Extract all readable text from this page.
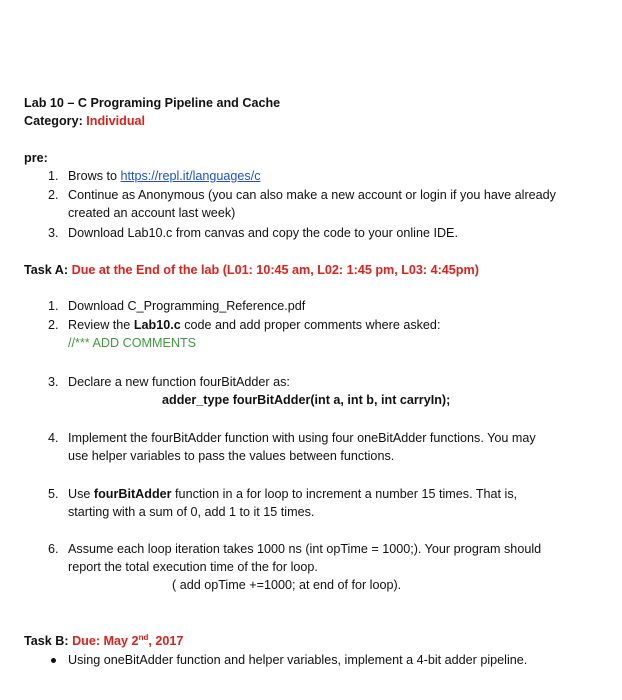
Lab 10 – C Programing Pipeline and Cache
Category: Individual
pre:
1. Brows to https://repl.it/languages/c
2. Continue as Anonymous (you can also make a new account or login if you have already
created an account last week)
3. Download Lab10.c from canvas and copy the code to your online IDE.
Task A: Due at the End of the lab (L01: 10:45 am, L02: 1:45 pm, L03: 4:45pm)
1. Download C_Programming_Reference.pdf
2. Review the Lab10.c code and add proper comments where asked:
//*** ADD COMMENTS
3. Declare a new function fourBitAdder as:
adder_type fourBitAdder(int a, int b, int carryIn);
4. Implement the fourBitAdder function with using four oneBitAdder functions. You may
use helper variables to pass the values between functions.
5. Use fourBitAdder function in a for loop to increment a number 15 times. That is,
starting with a sum of 0, add 1 to it 15 times.
6. Assume each loop iteration takes 1000 ns (int opTime = 1000;). Your program should
report the total execution time of the for loop.
( add opTime +=1000; at end of for loop).
Task B: Due: May 2nd, 2017
Using oneBitAdder function and helper variables, implement a 4-bit adder pipeline.
